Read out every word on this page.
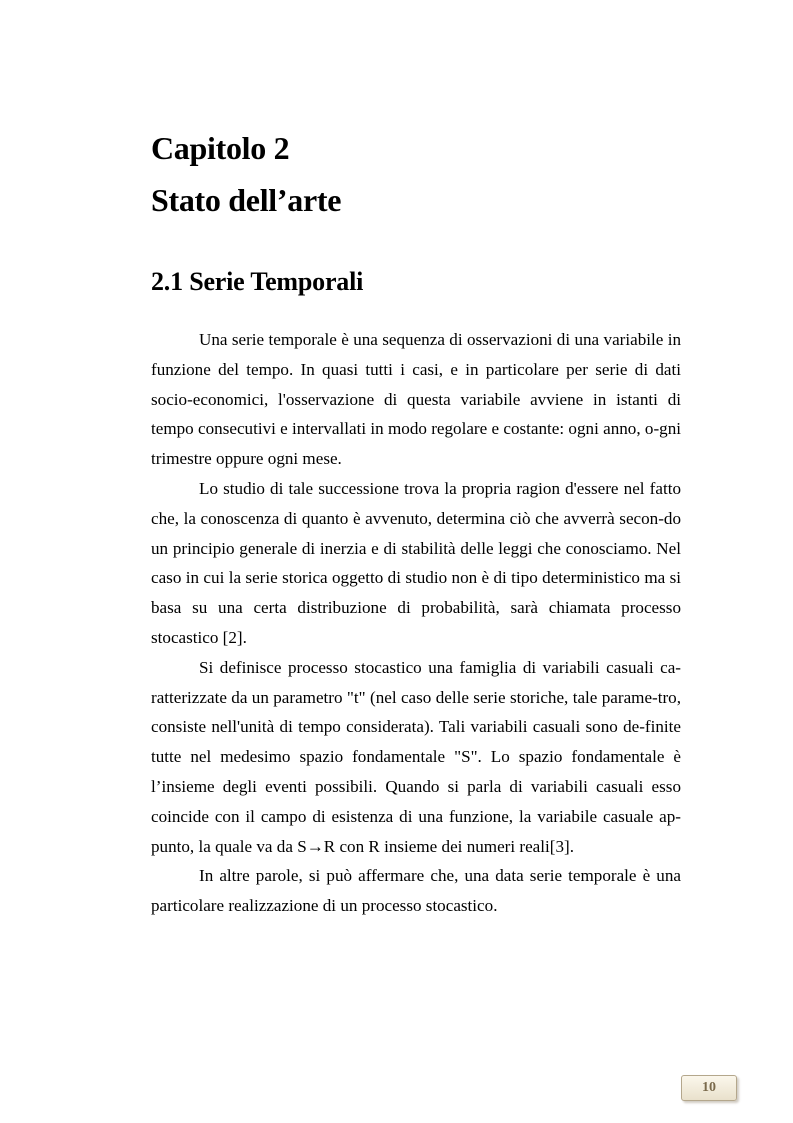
Capitolo 2
Stato dell’arte
2.1 Serie Temporali

Una serie temporale è una sequenza di osservazioni di una variabile in funzione del tempo. In quasi tutti i casi, e in particolare per serie di dati socio-economici, l'osservazione di questa variabile avviene in istanti di tempo consecutivi e intervallati in modo regolare e costante: ogni anno, o-gni trimestre oppure ogni mese.

Lo studio di tale successione trova la propria ragion d'essere nel fatto che, la conoscenza di quanto è avvenuto, determina ciò che avverrà secon-do un principio generale di inerzia e di stabilità delle leggi che conosciamo. Nel caso in cui la serie storica oggetto di studio non è di tipo deterministico ma si basa su una certa distribuzione di probabilità, sarà chiamata processo stocastico [2].

Si definisce processo stocastico una famiglia di variabili casuali ca-ratterizzate da un parametro "t" (nel caso delle serie storiche, tale parame-tro, consiste nell'unità di tempo considerata). Tali variabili casuali sono de-finite tutte nel medesimo spazio fondamentale "S". Lo spazio fondamentale è l’insieme degli eventi possibili. Quando si parla di variabili casuali esso coincide con il campo di esistenza di una funzione, la variabile casuale ap-punto, la quale va da S→R con R insieme dei numeri reali[3].

In altre parole, si può affermare che, una data serie temporale è una particolare realizzazione di un processo stocastico.

10
